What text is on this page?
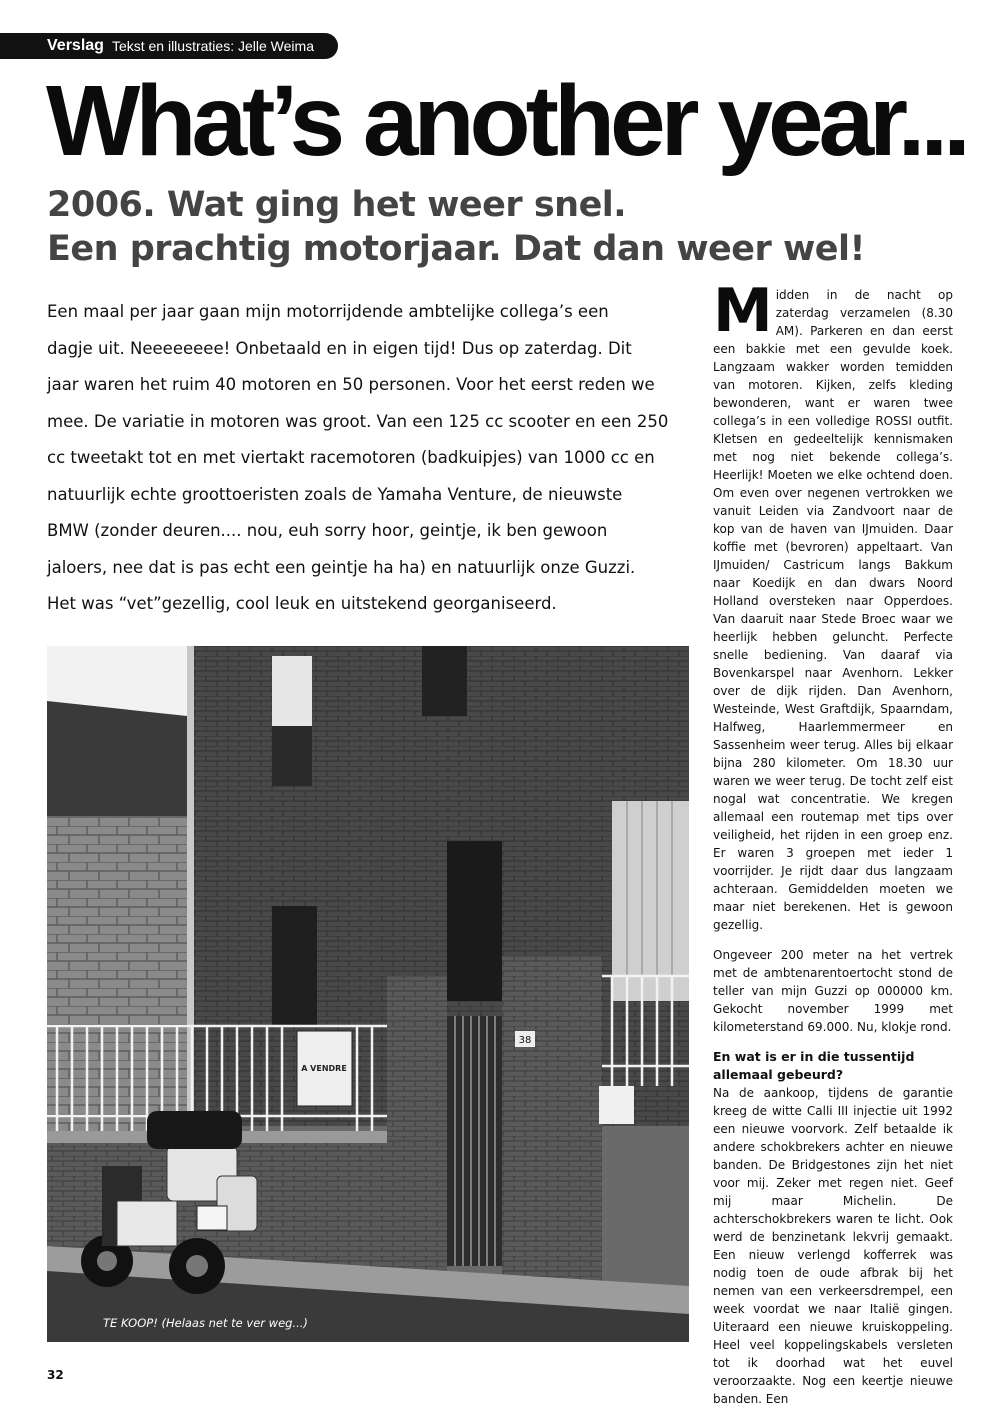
Verslag Tekst en illustraties: Jelle Weima
What’s another year...
2006. Wat ging het weer snel.
Een prachtig motorjaar. Dat dan weer wel!
Een maal per jaar gaan mijn motorrijdende ambtelijke collega’s een
dagje uit. Neeeeeeee! Onbetaald en in eigen tijd! Dus op zaterdag. Dit
jaar waren het ruim 40 motoren en 50 personen. Voor het eerst reden we
mee. De variatie in motoren was groot. Van een 125 cc scooter en een 250
cc tweetakt tot en met viertakt racemotoren (badkuipjes) van 1000 cc en
natuurlijk echte groottoeristen zoals de Yamaha Venture, de nieuwste
BMW (zonder deuren.... nou, euh sorry hoor, geintje, ik ben gewoon
jaloers, nee dat is pas echt een geintje ha ha) en natuurlijk onze Guzzi.
Het was “vet”gezellig, cool leuk en uitstekend georganiseerd.
A VENDRE
38
TE KOOP! (Helaas net te ver weg...)

Midden in de nacht op zaterdag verzamelen (8.30 AM). Parkeren en dan eerst een bakkie met een gevulde koek. Langzaam wakker worden temidden van motoren. Kijken, zelfs kleding bewonderen, want er waren twee collega’s in een volledige ROSSI outfit. Kletsen en gedeeltelijk kennismaken met nog niet bekende collega’s. Heerlijk! Moeten we elke ochtend doen. Om even over negenen vertrokken we vanuit Leiden via Zandvoort naar de kop van de haven van IJmuiden. Daar koffie met (bevroren) appeltaart. Van IJmuiden/ Castricum langs Bakkum naar Koedijk en dan dwars Noord Holland oversteken naar Opperdoes. Van daaruit naar Stede Broec waar we heerlijk hebben geluncht. Perfecte snelle bediening. Van daaraf via Bovenkarspel naar Avenhorn. Lekker over de dijk rijden. Dan Avenhorn, Westeinde, West Graftdijk, Spaarndam, Halfweg, Haarlemmermeer en Sassenheim weer terug. Alles bij elkaar bijna 280 kilometer. Om 18.30 uur waren we weer terug. De tocht zelf eist nogal wat concentratie. We kregen allemaal een routemap met tips over veiligheid, het rijden in een groep enz. Er waren 3 groepen met ieder 1 voorrijder. Je rijdt daar dus langzaam achteraan. Gemiddelden moeten we maar niet berekenen. Het is gewoon gezellig.

Ongeveer 200 meter na het vertrek met de ambtenarentoertocht stond de teller van mijn Guzzi op 000000 km. Gekocht november 1999 met kilometerstand 69.000. Nu, klokje rond.

En wat is er in die tussentijd allemaal gebeurd?

Na de aankoop, tijdens de garantie kreeg de witte Calli III injectie uit 1992 een nieuwe voorvork. Zelf betaalde ik andere schokbrekers achter en nieuwe banden. De Bridgestones zijn het niet voor mij. Zeker met regen niet. Geef mij maar Michelin. De achterschokbrekers waren te licht. Ook werd de benzinetank lekvrij gemaakt. Een nieuw verlengd kofferrek was nodig toen de oude afbrak bij het nemen van een verkeersdrempel, een week voordat we naar Italië gingen. Uiteraard een nieuwe kruiskoppeling. Heel veel koppelingskabels versleten tot ik doorhad wat het euvel veroorzaakte. Nog een keertje nieuwe banden. Een

32
